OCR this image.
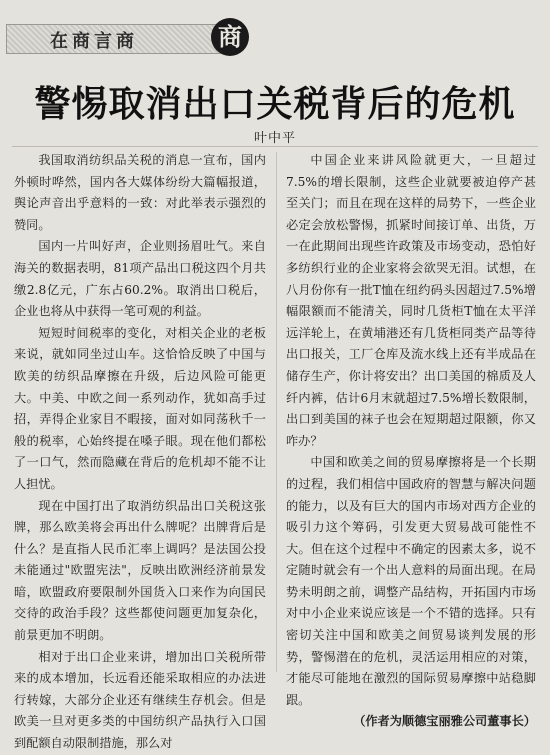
在商言商	商
警惕取消出口关税背后的危机
叶中平

我国取消纺织品关税的消息一宣布，国内外顿时哗然，国内各大媒体纷纷大篇幅报道，舆论声音出乎意料的一致：对此举表示强烈的赞同。

国内一片叫好声，企业则扬眉吐气。来自海关的数据表明，81项产品出口税这四个月共缴2.8亿元，广东占60.2%。取消出口税后，企业也将从中获得一笔可观的利益。

短短时间税率的变化，对相关企业的老板来说，就如同坐过山车。这恰恰反映了中国与欧美的纺织品摩擦在升级，后边风险可能更大。中美、中欧之间一系列动作，犹如高手过招，弄得企业家目不暇接，面对如同荡秋千一般的税率，心始终提在嗓子眼。现在他们都松了一口气，然而隐藏在背后的危机却不能不让人担忧。

现在中国打出了取消纺织品出口关税这张牌，那么欧美将会再出什么牌呢？出牌背后是什么？是直指人民币汇率上调吗？是法国公投未能通过"欧盟宪法"，反映出欧洲经济前景发暗，欧盟政府要限制外国货入口来作为向国民交待的政治手段？这些都使问题更加复杂化，前景更加不明朗。

相对于出口企业来讲，增加出口关税所带来的成本增加，长远看还能采取相应的办法进行转嫁，大部分企业还有继续生存机会。但是欧美一旦对更多类的中国纺织产品执行入口国到配额自动限制措施，那么对

中国企业来讲风险就更大，一旦超过7.5%的增长限制，这些企业就要被迫停产甚至关门；而且在现在这样的局势下，一些企业必定会放松警惕，抓紧时间接订单、出货，万一在此期间出现些许政策及市场变动，恐怕好多纺织行业的企业家将会欲哭无泪。试想，在八月份你有一批T恤在纽约码头因超过7.5%增幅限额而不能清关，同时几货柜T恤在太平洋远洋轮上，在黄埔港还有几货柜同类产品等待出口报关，工厂仓库及流水线上还有半成品在储存生产，你计将安出？出口美国的棉质及人纤内裤，估计6月末就超过7.5%增长数限制，出口到美国的袜子也会在短期超过限额，你又咋办？

中国和欧美之间的贸易摩擦将是一个长期的过程，我们相信中国政府的智慧与解决问题的能力，以及有巨大的国内市场对西方企业的吸引力这个筹码，引发更大贸易战可能性不大。但在这个过程中不确定的因素太多，说不定随时就会有一个出人意料的局面出现。在局势未明朗之前，调整产品结构，开拓国内市场对中小企业来说应该是一个不错的选择。只有密切关注中国和欧美之间贸易谈判发展的形势，警惕潜在的危机，灵活运用相应的对策，才能尽可能地在激烈的国际贸易摩擦中站稳脚跟。

（作者为顺德宝丽雅公司董事长）
